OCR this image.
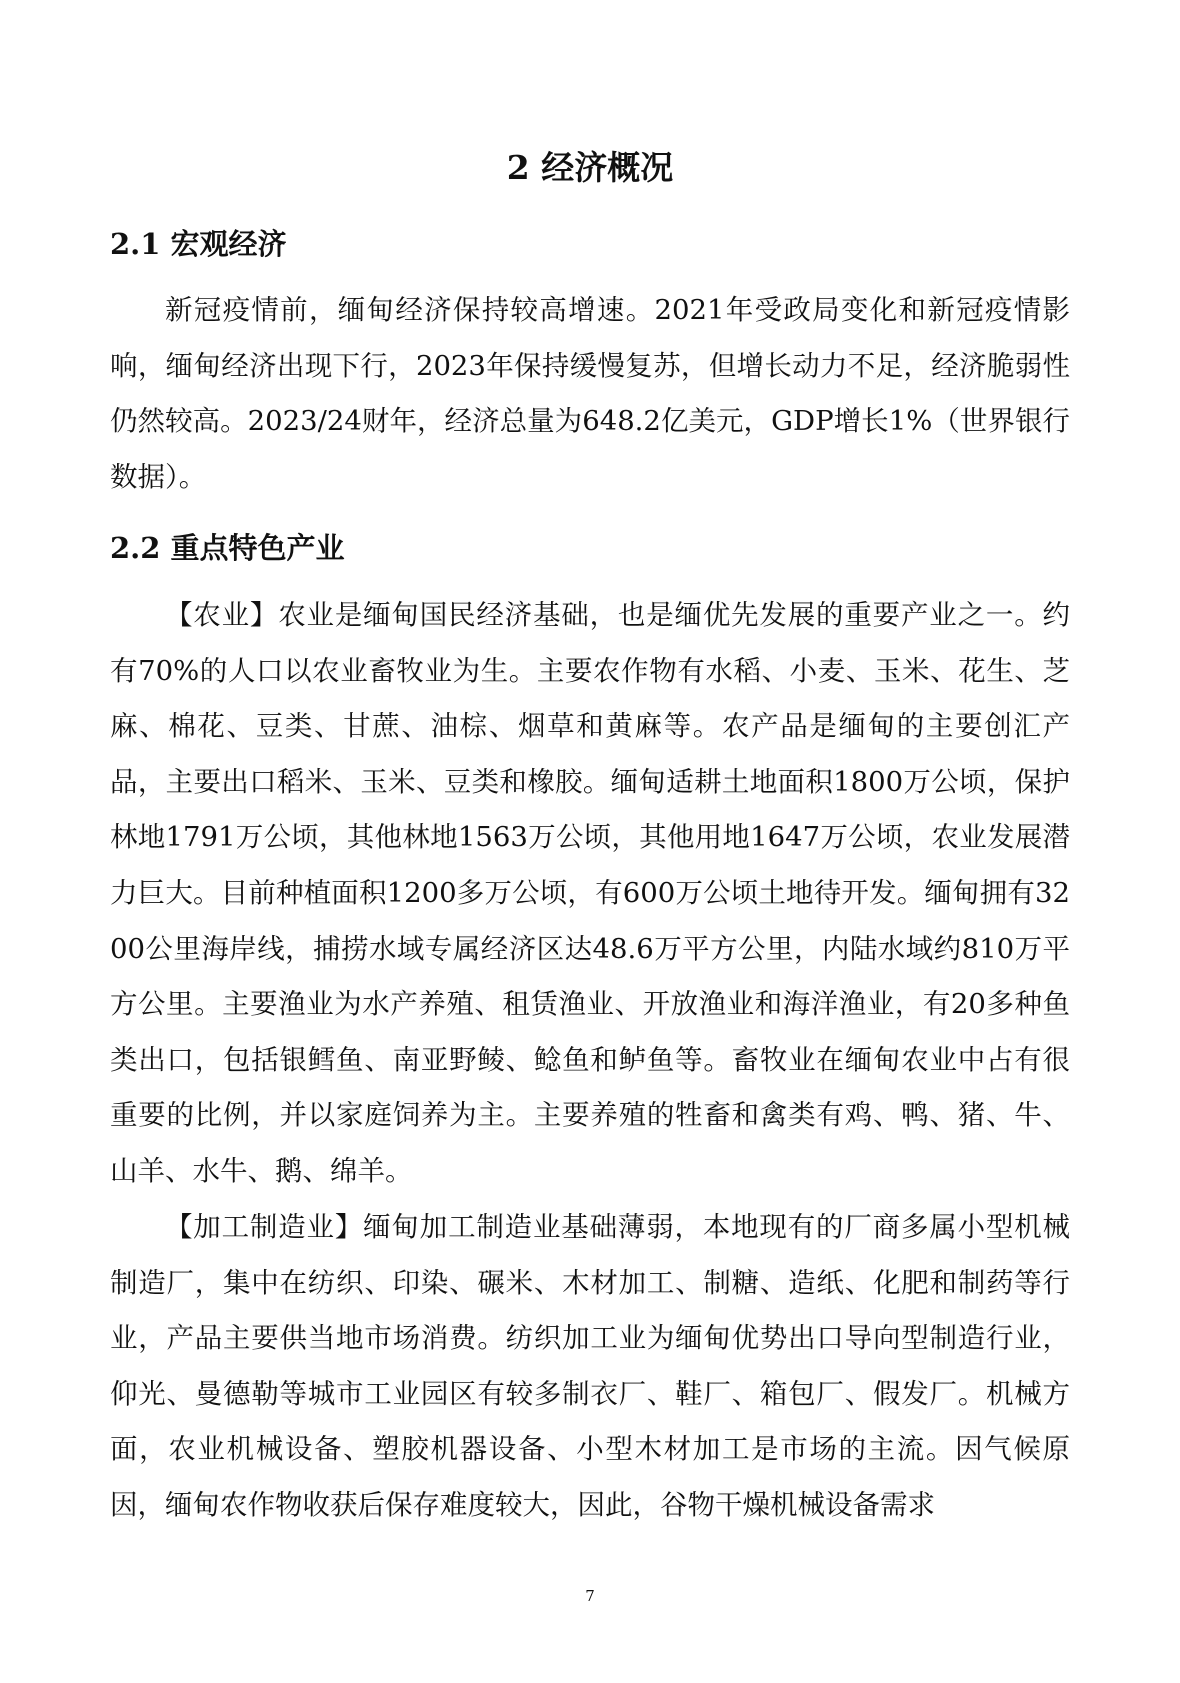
2 经济概况
2.1 宏观经济

新冠疫情前，缅甸经济保持较高增速。2021年受政局变化和新冠疫情影响，缅甸经济出现下行，2023年保持缓慢复苏，但增长动力不足，经济脆弱性仍然较高。2023/24财年，经济总量为648.2亿美元，GDP增长1%（世界银行数据）。

2.2 重点特色产业

【农业】农业是缅甸国民经济基础，也是缅优先发展的重要产业之一。约有70%的人口以农业畜牧业为生。主要农作物有水稻、小麦、玉米、花生、芝麻、棉花、豆类、甘蔗、油棕、烟草和黄麻等。农产品是缅甸的主要创汇产品，主要出口稻米、玉米、豆类和橡胶。缅甸适耕土地面积1800万公顷，保护林地1791万公顷，其他林地1563万公顷，其他用地1647万公顷，农业发展潜力巨大。目前种植面积1200多万公顷，有600万公顷土地待开发。缅甸拥有3200公里海岸线，捕捞水域专属经济区达48.6万平方公里，内陆水域约810万平方公里。主要渔业为水产养殖、租赁渔业、开放渔业和海洋渔业，有20多种鱼类出口，包括银鳕鱼、南亚野鲮、鲶鱼和鲈鱼等。畜牧业在缅甸农业中占有很重要的比例，并以家庭饲养为主。主要养殖的牲畜和禽类有鸡、鸭、猪、牛、山羊、水牛、鹅、绵羊。

【加工制造业】缅甸加工制造业基础薄弱，本地现有的厂商多属小型机械制造厂，集中在纺织、印染、碾米、木材加工、制糖、造纸、化肥和制药等行业，产品主要供当地市场消费。纺织加工业为缅甸优势出口导向型制造行业，仰光、曼德勒等城市工业园区有较多制衣厂、鞋厂、箱包厂、假发厂。机械方面，农业机械设备、塑胶机器设备、小型木材加工是市场的主流。因气候原因，缅甸农作物收获后保存难度较大，因此，谷物干燥机械设备需求

7
